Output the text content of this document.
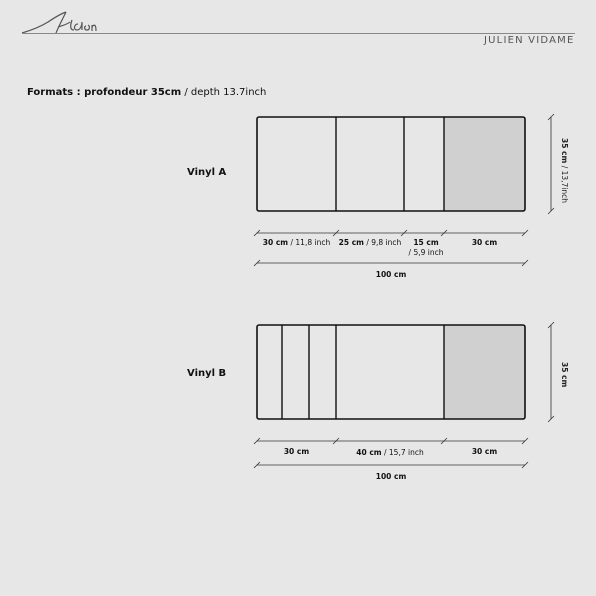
JULIEN VIDAME
Formats : profondeur 35cm / depth 13.7inch
Vinyl A
35 cm / 13,7inch
30 cm / 11,8 inch	25 cm / 9,8 inch	15 cm
/ 5,9 inch
30 cm
100 cm
Vinyl B	35 cm
30 cm	40 cm / 15,7 inch	30 cm
100 cm
